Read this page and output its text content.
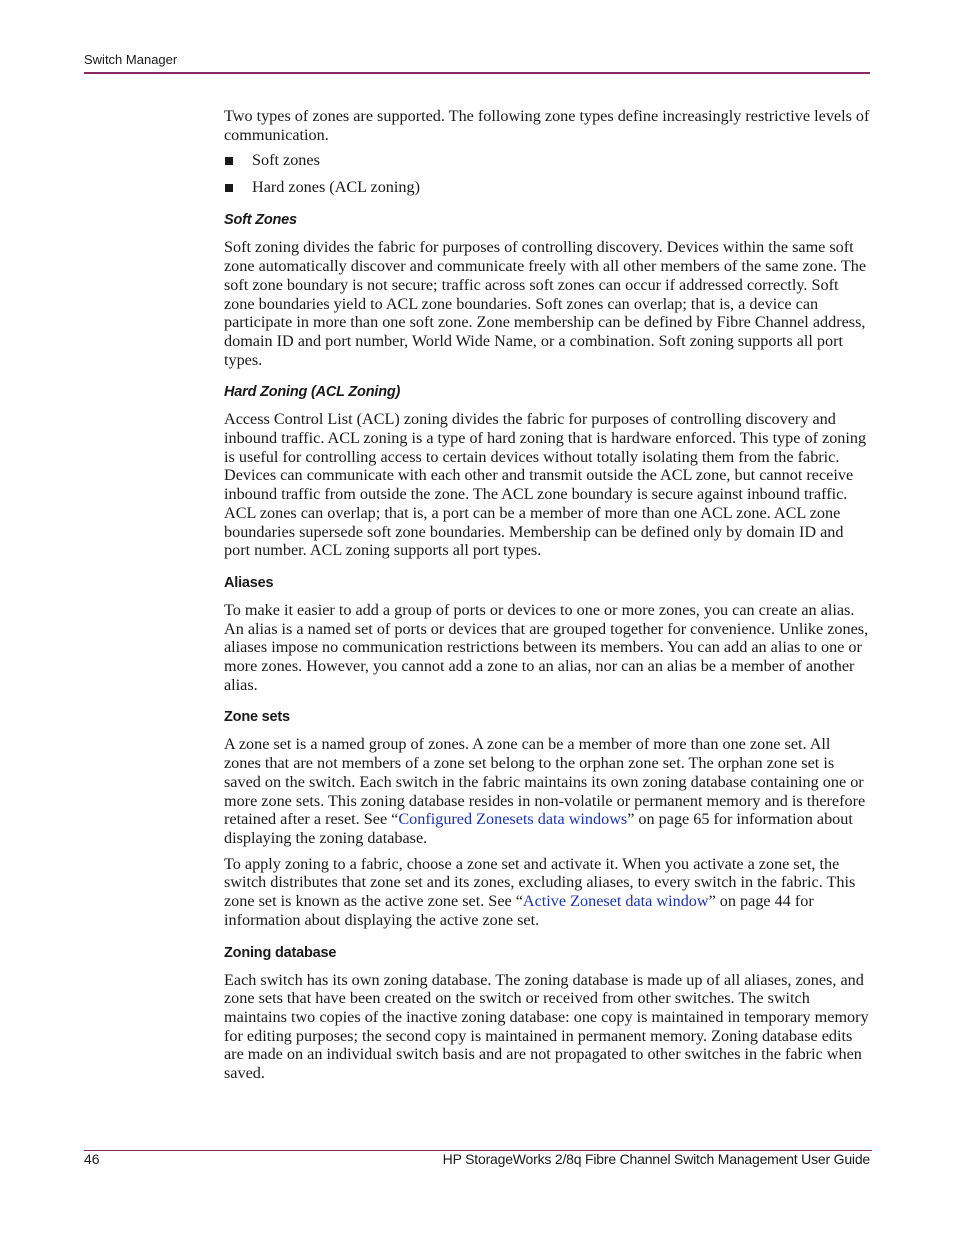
Switch Manager

Two types of zones are supported. The following zone types define increasingly restrictive levels of communication.

Soft zones
Hard zones (ACL zoning)
Soft Zones

Soft zoning divides the fabric for purposes of controlling discovery. Devices within the same soft zone automatically discover and communicate freely with all other members of the same zone. The soft zone boundary is not secure; traffic across soft zones can occur if addressed correctly. Soft zone boundaries yield to ACL zone boundaries. Soft zones can overlap; that is, a device can participate in more than one soft zone. Zone membership can be defined by Fibre Channel address, domain ID and port number, World Wide Name, or a combination. Soft zoning supports all port types.

Hard Zoning (ACL Zoning)

Access Control List (ACL) zoning divides the fabric for purposes of controlling discovery and inbound traffic. ACL zoning is a type of hard zoning that is hardware enforced. This type of zoning is useful for controlling access to certain devices without totally isolating them from the fabric. Devices can communicate with each other and transmit outside the ACL zone, but cannot receive inbound traffic from outside the zone. The ACL zone boundary is secure against inbound traffic. ACL zones can overlap; that is, a port can be a member of more than one ACL zone. ACL zone boundaries supersede soft zone boundaries. Membership can be defined only by domain ID and port number. ACL zoning supports all port types.

Aliases

To make it easier to add a group of ports or devices to one or more zones, you can create an alias. An alias is a named set of ports or devices that are grouped together for convenience. Unlike zones, aliases impose no communication restrictions between its members. You can add an alias to one or more zones. However, you cannot add a zone to an alias, nor can an alias be a member of another alias.

Zone sets

A zone set is a named group of zones. A zone can be a member of more than one zone set. All zones that are not members of a zone set belong to the orphan zone set. The orphan zone set is saved on the switch. Each switch in the fabric maintains its own zoning database containing one or more zone sets. This zoning database resides in non-volatile or permanent memory and is therefore retained after a reset. See “Configured Zonesets data windows” on page 65 for information about displaying the zoning database.

To apply zoning to a fabric, choose a zone set and activate it. When you activate a zone set, the switch distributes that zone set and its zones, excluding aliases, to every switch in the fabric. This zone set is known as the active zone set. See “Active Zoneset data window” on page 44 for information about displaying the active zone set.

Zoning database

Each switch has its own zoning database. The zoning database is made up of all aliases, zones, and zone sets that have been created on the switch or received from other switches. The switch maintains two copies of the inactive zoning database: one copy is maintained in temporary memory for editing purposes; the second copy is maintained in permanent memory. Zoning database edits are made on an individual switch basis and are not propagated to other switches in the fabric when saved.

46	HP StorageWorks 2/8q Fibre Channel Switch Management User Guide
